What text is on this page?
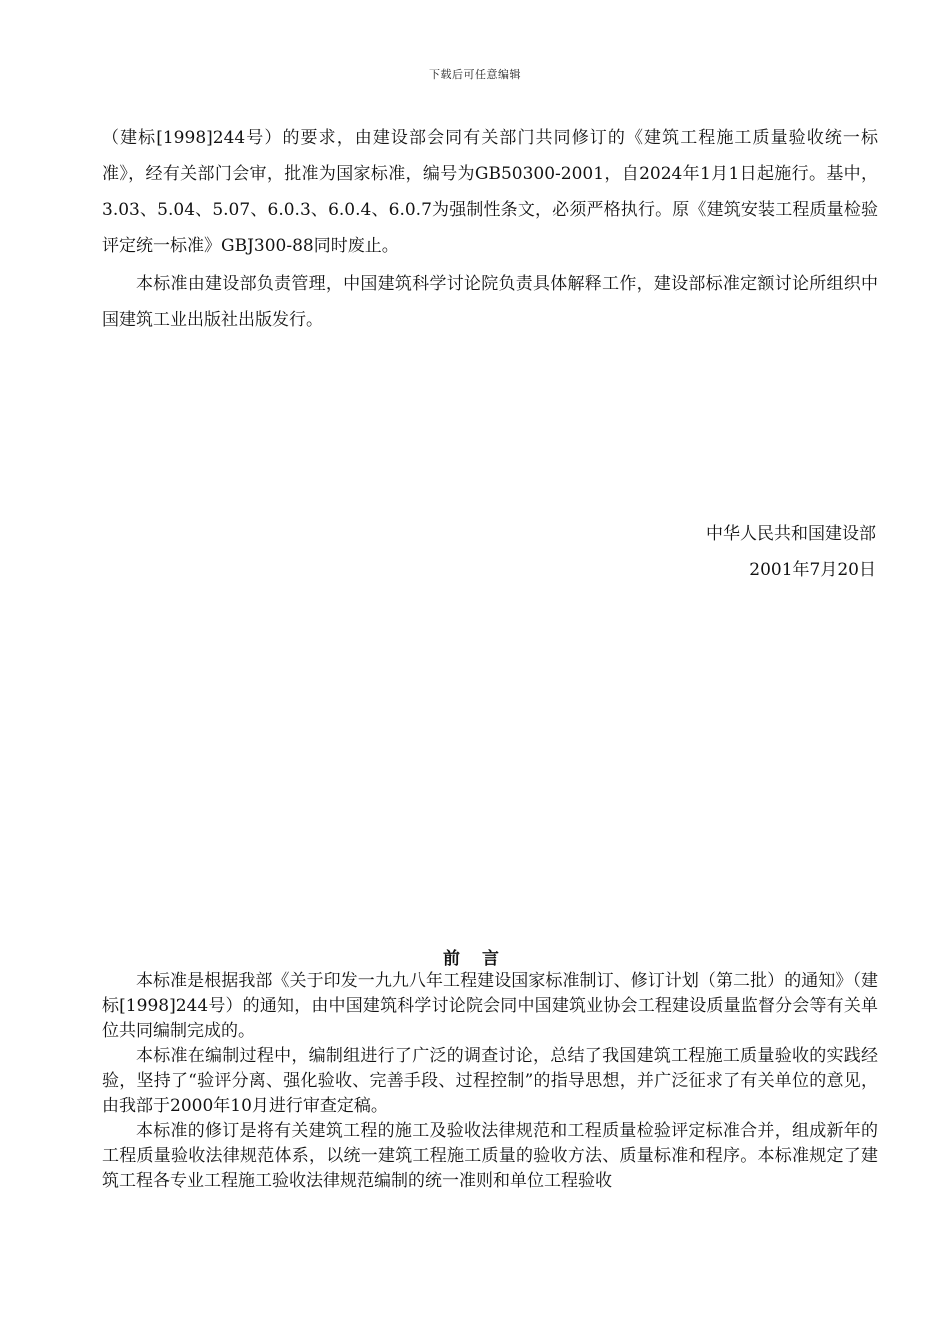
下载后可任意编辑

（建标[1998]244号）的要求，由建设部会同有关部门共同修订的《建筑工程施工质量验收统一标准》，经有关部门会审，批准为国家标准，编号为GB50300-2001，自2024年1月1日起施行。基中，3.03、5.04、5.07、6.0.3、6.0.4、6.0.7为强制性条文，必须严格执行。原《建筑安装工程质量检验评定统一标准》GBJ300-88同时废止。

本标准由建设部负责管理，中国建筑科学讨论院负责具体解释工作，建设部标准定额讨论所组织中国建筑工业出版社出版发行。

中华人民共和国建设部
2001年7月20日
前 言

本标准是根据我部《关于印发一九九八年工程建设国家标准制订、修订计划（第二批）的通知》（建标[1998]244号）的通知，由中国建筑科学讨论院会同中国建筑业协会工程建设质量监督分会等有关单位共同编制完成的。

本标准在编制过程中，编制组进行了广泛的调查讨论，总结了我国建筑工程施工质量验收的实践经验，坚持了“验评分离、强化验收、完善手段、过程控制”的指导思想，并广泛征求了有关单位的意见，由我部于2000年10月进行审查定稿。

本标准的修订是将有关建筑工程的施工及验收法律规范和工程质量检验评定标准合并，组成新年的工程质量验收法律规范体系，以统一建筑工程施工质量的验收方法、质量标准和程序。本标准规定了建筑工程各专业工程施工验收法律规范编制的统一准则和单位工程验收
